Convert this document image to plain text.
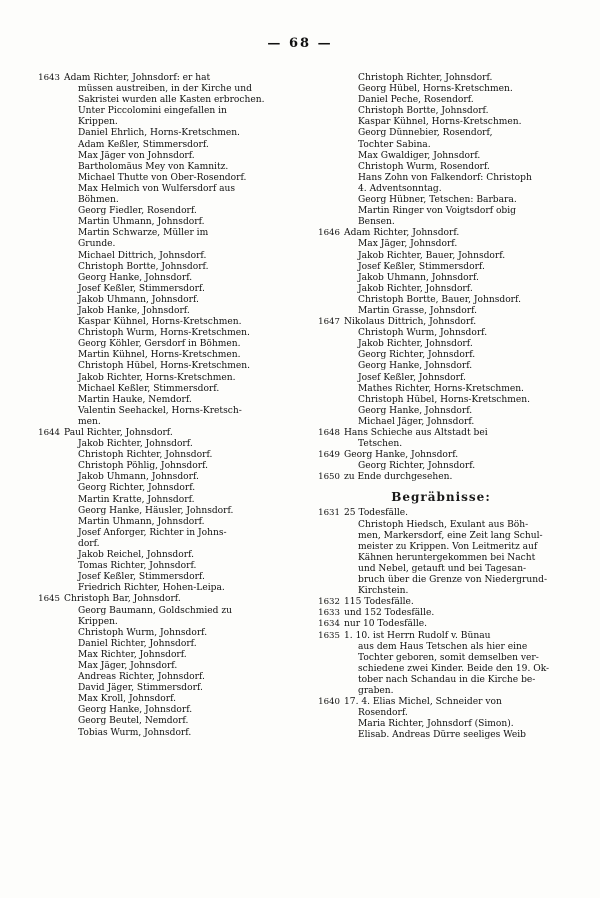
— 68 —
1643 Adam Richter, Johnsdorf: er hat
müssen austreiben, in der Kirche und
Sakristei wurden alle Kasten erbrochen.
Unter Piccolomini eingefallen in
Krippen.
Daniel Ehrlich, Horns-Kretschmen.
Adam Keßler, Stimmersdorf.
Max Jäger von Johnsdorf.
Bartholomäus Mey von Kamnitz.
Michael Thutte von Ober-Rosendorf.
Max Helmich von Wulfersdorf aus
Böhmen.
Georg Fiedler, Rosendorf.
Martin Uhmann, Johnsdorf.
Martin Schwarze, Müller im
Grunde.
Michael Dittrich, Johnsdorf.
Christoph Bortte, Johnsdorf.
Georg Hanke, Johnsdorf.
Josef Keßler, Stimmersdorf.
Jakob Uhmann, Johnsdorf.
Jakob Hanke, Johnsdorf.
Kaspar Kühnel, Horns-Kretschmen.
Christoph Wurm, Horns-Kretschmen.
Georg Köhler, Gersdorf in Böhmen.
Martin Kühnel, Horns-Kretschmen.
Christoph Hübel, Horns-Kretschmen.
Jakob Richter, Horns-Kretschmen.
Michael Keßler, Stimmersdorf.
Martin Hauke, Nemdorf.
Valentin Seehackel, Horns-Kretsch-
men.
1644 Paul Richter, Johnsdorf.
Jakob Richter, Johnsdorf.
Christoph Richter, Johnsdorf.
Christoph Pöhlig, Johnsdorf.
Jakob Uhmann, Johnsdorf.
Georg Richter, Johnsdorf.
Martin Kratte, Johnsdorf.
Georg Hanke, Häusler, Johnsdorf.
Martin Uhmann, Johnsdorf.
Josef Anforger, Richter in Johns-
dorf.
Jakob Reichel, Johnsdorf.
Tomas Richter, Johnsdorf.
Josef Keßler, Stimmersdorf.
Friedrich Richter, Hohen-Leipa.
1645 Christoph Bar, Johnsdorf.
Georg Baumann, Goldschmied zu
Krippen.
Christoph Wurm, Johnsdorf.
Daniel Richter, Johnsdorf.
Max Richter, Johnsdorf.
Max Jäger, Johnsdorf.
Andreas Richter, Johnsdorf.
David Jäger, Stimmersdorf.
Max Kroll, Johnsdorf.
Georg Hanke, Johnsdorf.
Georg Beutel, Nemdorf.
Tobias Wurm, Johnsdorf.
Christoph Richter, Johnsdorf.
Georg Hübel, Horns-Kretschmen.
Daniel Peche, Rosendorf.
Christoph Bortte, Johnsdorf.
Kaspar Kühnel, Horns-Kretschmen.
Georg Dünnebier, Rosendorf,
Tochter Sabina.
Max Gwaldiger, Johnsdorf.
Christoph Wurm, Rosendorf.
Hans Zohn von Falkendorf: Christoph
4. Adventsonntag.
Georg Hübner, Tetschen: Barbara.
Martin Ringer von Voigtsdorf obig
Bensen.
1646 Adam Richter, Johnsdorf.
Max Jäger, Johnsdorf.
Jakob Richter, Bauer, Johnsdorf.
Josef Keßler, Stimmersdorf.
Jakob Uhmann, Johnsdorf.
Jakob Richter, Johnsdorf.
Christoph Bortte, Bauer, Johnsdorf.
Martin Grasse, Johnsdorf.
1647 Nikolaus Dittrich, Johnsdorf.
Christoph Wurm, Johnsdorf.
Jakob Richter, Johnsdorf.
Georg Richter, Johnsdorf.
Georg Hanke, Johnsdorf.
Josef Keßler, Johnsdorf.
Mathes Richter, Horns-Kretschmen.
Christoph Hübel, Horns-Kretschmen.
Georg Hanke, Johnsdorf.
Michael Jäger, Johnsdorf.
1648 Hans Schieche aus Altstadt bei
Tetschen.
1649 Georg Hanke, Johnsdorf.
Georg Richter, Johnsdorf.
1650 zu Ende durchgesehen.
Begräbnisse:
1631 25 Todesfälle.
Christoph Hiedsch, Exulant aus Böh-
men, Markersdorf, eine Zeit lang Schul-
meister zu Krippen. Von Leitmeritz auf
Kähnen heruntergekommen bei Nacht
und Nebel, getauft und bei Tagesan-
bruch über die Grenze von Niedergrund-
Kirchstein.
1632 115 Todesfälle.
1633 und 152 Todesfälle.
1634 nur 10 Todesfälle.
1635 1. 10. ist Herrn Rudolf v. Bünau
aus dem Haus Tetschen als hier eine
Tochter geboren, somit demselben ver-
schiedene zwei Kinder. Beide den 19. Ok-
tober nach Schandau in die Kirche be-
graben.
1640 17. 4. Elias Michel, Schneider von
Rosendorf.
Maria Richter, Johnsdorf (Simon).
Elisab. Andreas Dürre seeliges Weib
